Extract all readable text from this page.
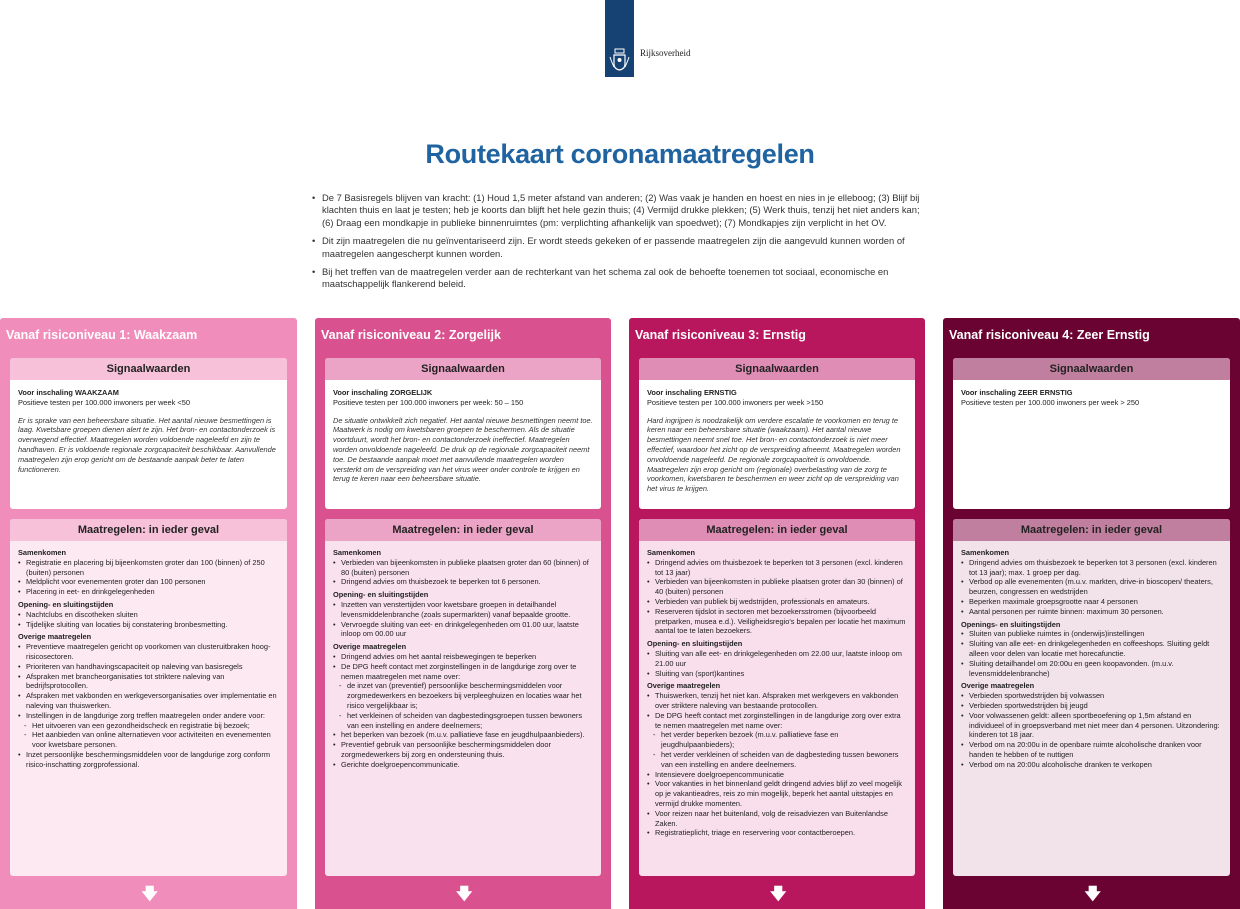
Rijksoverheid
Routekaart coronamaatregelen
• De 7 Basisregels blijven van kracht: (1) Houd 1,5 meter afstand van anderen; (2) Was vaak je handen en hoest en nies in je elleboog; (3) Blijf bij klachten thuis en laat je testen; heb je koorts dan blijft het hele gezin thuis; (4) Vermijd drukke plekken; (5) Werk thuis, tenzij het niet anders kan; (6) Draag een mondkapje in publieke binnenruimtes (pm: verplichting afhankelijk van spoedwet); (7) Mondkapjes zijn verplicht in het OV.
• Dit zijn maatregelen die nu geïnventariseerd zijn. Er wordt steeds gekeken of er passende maatregelen zijn die aangevuld kunnen worden of maatregelen aangescherpt kunnen worden.
• Bij het treffen van de maatregelen verder aan de rechterkant van het schema zal ook de behoefte toenemen tot sociaal, economische en maatschappelijk flankerend beleid.
Vanaf risiconiveau 1: Waakzaam
Signaalwaarden
Voor inschaling WAAKZAAM
Positieve testen per 100.000 inwoners per week <50
Er is sprake van een beheersbare situatie. Het aantal nieuwe besmettingen is laag. Kwetsbare groepen dienen alert te zijn. Het bron- en contactonderzoek is overwegend effectief. Maatregelen worden voldoende nageleefd en zijn te handhaven. Er is voldoende regionale zorgcapaciteit beschikbaar. Aanvullende maatregelen zijn erop gericht om de bestaande aanpak beter te laten functioneren.
Maatregelen: in ieder geval
Samenkomen
• Registratie en placering bij bijeenkomsten groter dan 100 (binnen) of 250 (buiten) personen
• Meldplicht voor evenementen groter dan 100 personen
• Placering in eet- en drinkgelegenheden
Opening- en sluitingstijden
• Nachtclubs en discotheken sluiten
• Tijdelijke sluiting van locaties bij constatering bronbesmetting.
Overige maatregelen
• Preventieve maatregelen gericht op voorkomen van clusteruitbraken hoog-risicosectoren.
• Prioriteren van handhavingscapaciteit op naleving van basisregels
• Afspraken met brancheorganisaties tot striktere naleving van bedrijfsprotocollen.
• Afspraken met vakbonden en werkgeversorganisaties over implementatie en naleving van thuiswerken.
• Instellingen in de langdurige zorg treffen maatregelen onder andere voor:
- Het uitvoeren van een gezondheidscheck en registratie bij bezoek;
- Het aanbieden van online alternatieven voor activiteiten en evenementen voor kwetsbare personen.
• Inzet persoonlijke beschermingsmiddelen voor de langdurige zorg conform risico-inschatting zorgprofessional.
🡇
Vanaf risiconiveau 2: Zorgelijk
Signaalwaarden
Voor inschaling ZORGELIJK
Positieve testen per 100.000 inwoners per week: 50 – 150
De situatie ontwikkelt zich negatief. Het aantal nieuwe besmettingen neemt toe. Maatwerk is nodig om kwetsbaren groepen te beschermen. Als de situatie voortduurt, wordt het bron- en contactonderzoek ineffectief. Maatregelen worden onvoldoende nageleefd. De druk op de regionale zorgcapaciteit neemt toe. De bestaande aanpak moet met aanvullende maatregelen worden versterkt om de verspreiding van het virus weer onder controle te krijgen en terug te keren naar een beheersbare situatie.
Maatregelen: in ieder geval
Samenkomen
• Verbieden van bijeenkomsten in publieke plaatsen groter dan 60 (binnen) of 80 (buiten) personen
• Dringend advies om thuisbezoek te beperken tot 6 personen.
Opening- en sluitingstijden
• Inzetten van venstertijden voor kwetsbare groepen in detailhandel levensmiddelenbranche (zoals supermarkten) vanaf bepaalde grootte.
• Vervroegde sluiting van eet- en drinkgelegenheden om 01.00 uur, laatste inloop om 00.00 uur
Overige maatregelen
• Dringend advies om het aantal reisbewegingen te beperken
• De DPG heeft contact met zorginstellingen in de langdurige zorg over te nemen maatregelen met name over:
- de inzet van (preventief) persoonlijke beschermingsmiddelen voor zorgmedewerkers en bezoekers bij verpleeghuizen en locaties waar het risico vergelijkbaar is;
- het verkleinen of scheiden van dagbestedingsgroepen tussen bewoners van een instelling en andere deelnemers;
• het beperken van bezoek (m.u.v. palliatieve fase en jeugdhulpaanbieders).
• Preventief gebruik van persoonlijke beschermingsmiddelen door zorgmedewerkers bij zorg en ondersteuning thuis.
• Gerichte doelgroepencommunicatie.
🡇
Vanaf risiconiveau 3: Ernstig
Signaalwaarden
Voor inschaling ERNSTIG
Positieve testen per 100.000 inwoners per week >150
Hard ingrijpen is noodzakelijk om verdere escalatie te voorkomen en terug te keren naar een beheersbare situatie (waakzaam). Het aantal nieuwe besmettingen neemt snel toe. Het bron- en contactonderzoek is niet meer effectief, waardoor het zicht op de verspreiding afneemt. Maatregelen worden onvoldoende nageleefd. De regionale zorgcapaciteit is onvoldoende. Maatregelen zijn erop gericht om (regionale) overbelasting van de zorg te voorkomen, kwetsbaren te beschermen en weer zicht op de verspreiding van het virus te krijgen.
Maatregelen: in ieder geval
Samenkomen
• Dringend advies om thuisbezoek te beperken tot 3 personen (excl. kinderen tot 13 jaar)
• Verbieden van bijeenkomsten in publieke plaatsen groter dan 30 (binnen) of 40 (buiten) personen
• Verbieden van publiek bij wedstrijden, professionals en amateurs.
• Reserveren tijdslot in sectoren met bezoekersstromen (bijvoorbeeld pretparken, musea e.d.). Veiligheidsregio's bepalen per locatie het maximum aantal toe te laten bezoekers.
Opening- en sluitingstijden
• Sluiting van alle eet- en drinkgelegenheden om 22.00 uur, laatste inloop om 21.00 uur
• Sluiting van (sport)kantines
Overige maatregelen
• Thuiswerken, tenzij het niet kan. Afspraken met werkgevers en vakbonden over striktere naleving van bestaande protocollen.
• De DPG heeft contact met zorginstellingen in de langdurige zorg over extra te nemen maatregelen met name over:
- het verder beperken bezoek (m.u.v. palliatieve fase en jeugdhulpaanbieders);
- het verder verkleinen of scheiden van de dagbesteding tussen bewoners van een instelling en andere deelnemers.
• Intensievere doelgroepencommunicatie
• Voor vakanties in het binnenland geldt dringend advies blijf zo veel mogelijk op je vakantieadres, reis zo min mogelijk, beperk het aantal uitstapjes en vermijd drukke momenten.
• Voor reizen naar het buitenland, volg de reisadviezen van Buitenlandse Zaken.
• Registratieplicht, triage en reservering voor contactberoepen.
🡇
Vanaf risiconiveau 4: Zeer Ernstig
Signaalwaarden
Voor inschaling ZEER ERNSTIG
Positieve testen per 100.000 inwoners per week > 250
Maatregelen: in ieder geval
Samenkomen
• Dringend advies om thuisbezoek te beperken tot 3 personen (excl. kinderen tot 13 jaar); max. 1 groep per dag.
• Verbod op alle evenementen (m.u.v. markten, drive-in bioscopen/ theaters, beurzen, congressen en wedstrijden
• Beperken maximale groepsgrootte naar 4 personen
• Aantal personen per ruimte binnen: maximum 30 personen.
Openings- en sluitingstijden
• Sluiten van publieke ruimtes in (onderwijs)instellingen
• Sluiting van alle eet- en drinkgelegenheden en coffeeshops. Sluiting geldt alleen voor delen van locatie met horecafunctie.
• Sluiting detailhandel om 20:00u en geen koopavonden. (m.u.v. levensmiddelenbranche)
Overige maatregelen
• Verbieden sportwedstrijden bij volwassen
• Verbieden sportwedstrijden bij jeugd
• Voor volwassenen geldt: alleen sportbeoefening op 1,5m afstand en individueel of in groepsverband met niet meer dan 4 personen. Uitzondering: kinderen tot 18 jaar.
• Verbod om na 20:00u in de openbare ruimte alcoholische dranken voor handen te hebben of te nuttigen
• Verbod om na 20:00u alcoholische dranken te verkopen
🡇
